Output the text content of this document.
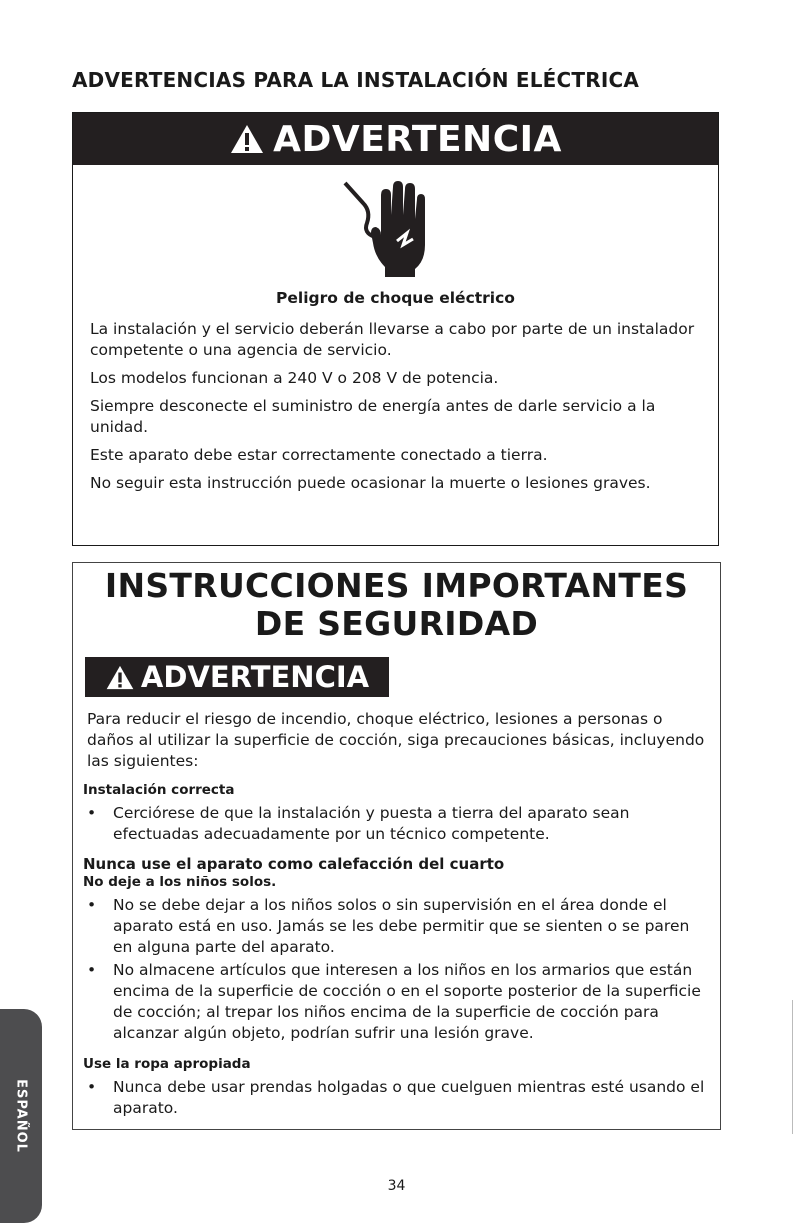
ADVERTENCIAS PARA LA INSTALACIÓN ELÉCTRICA
ADVERTENCIA
Peligro de choque eléctrico

La instalación y el servicio deberán llevarse a cabo por parte de un instalador competente o una agencia de servicio.

Los modelos funcionan a 240 V o 208 V de potencia.

Siempre desconecte el suministro de energía antes de darle servicio a la unidad.

Este aparato debe estar correctamente conectado a tierra.

No seguir esta instrucción puede ocasionar la muerte o lesiones graves.

INSTRUCCIONES IMPORTANTES
DE SEGURIDAD
ADVERTENCIA
Para reducir el riesgo de incendio, choque eléctrico, lesiones a personas o daños al utilizar la superficie de cocción, siga precauciones básicas, incluyendo las siguientes:
Instalación correcta
• Cerciórese de que la instalación y puesta a tierra del aparato sean efectuadas adecuadamente por un técnico competente.
Nunca use el aparato como calefacción del cuarto
No deje a los niños solos.
• No se debe dejar a los niños solos o sin supervisión en el área donde el aparato está en uso. Jamás se les debe permitir que se sienten o se paren en alguna parte del aparato.
• No almacene artículos que interesen a los niños en los armarios que están encima de la superficie de cocción o en el soporte posterior de la superficie de cocción; al trepar los niños encima de la superficie de cocción para alcanzar algún objeto, podrían sufrir una lesión grave.
Use la ropa apropiada
• Nunca debe usar prendas holgadas o que cuelguen mientras esté usando el aparato.
ESPAÑOL
34
